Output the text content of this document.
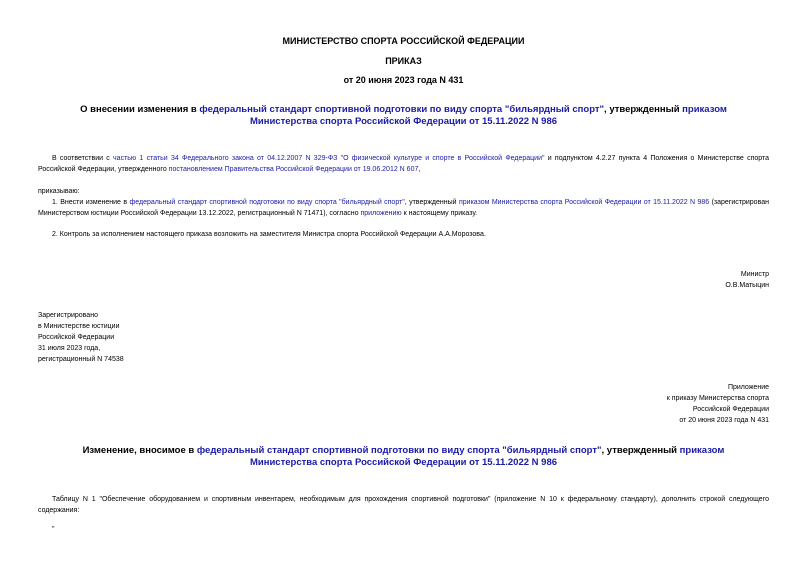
МИНИСТЕРСТВО СПОРТА РОССИЙСКОЙ ФЕДЕРАЦИИ
ПРИКАЗ
от 20 июня 2023 года N 431
О внесении изменения в федеральный стандарт спортивной подготовки по виду спорта "бильярдный спорт", утвержденный приказом Министерства спорта Российской Федерации от 15.11.2022 N 986
В соответствии с частью 1 статьи 34 Федерального закона от 04.12.2007 N 329-ФЗ "О физической культуре и спорте в Российской Федерации" и подпунктом 4.2.27 пункта 4 Положения о Министерстве спорта Российской Федерации, утвержденного постановлением Правительства Российской Федерации от 19.06.2012 N 607,
приказываю:
1. Внести изменение в федеральный стандарт спортивной подготовки по виду спорта "бильярдный спорт", утвержденный приказом Министерства спорта Российской Федерации от 15.11.2022 N 986 (зарегистрирован Министерством юстиции Российской Федерации 13.12.2022, регистрационный N 71471), согласно приложению к настоящему приказу.
2. Контроль за исполнением настоящего приказа возложить на заместителя Министра спорта Российской Федерации А.А.Морозова.
Министр
О.В.Матыцин
Зарегистрировано
в Министерстве юстиции
Российской Федерации
31 июля 2023 года,
регистрационный N 74538
Приложение
к приказу Министерства спорта
Российской Федерации
от 20 июня 2023 года N 431
Изменение, вносимое в федеральный стандарт спортивной подготовки по виду спорта "бильярдный спорт", утвержденный приказом Министерства спорта Российской Федерации от 15.11.2022 N 986
Таблицу N 1 "Обеспечение оборудованием и спортивным инвентарем, необходимым для прохождения спортивной подготовки" (приложение N 10 к федеральному стандарту), дополнить строкой следующего содержания:
"
